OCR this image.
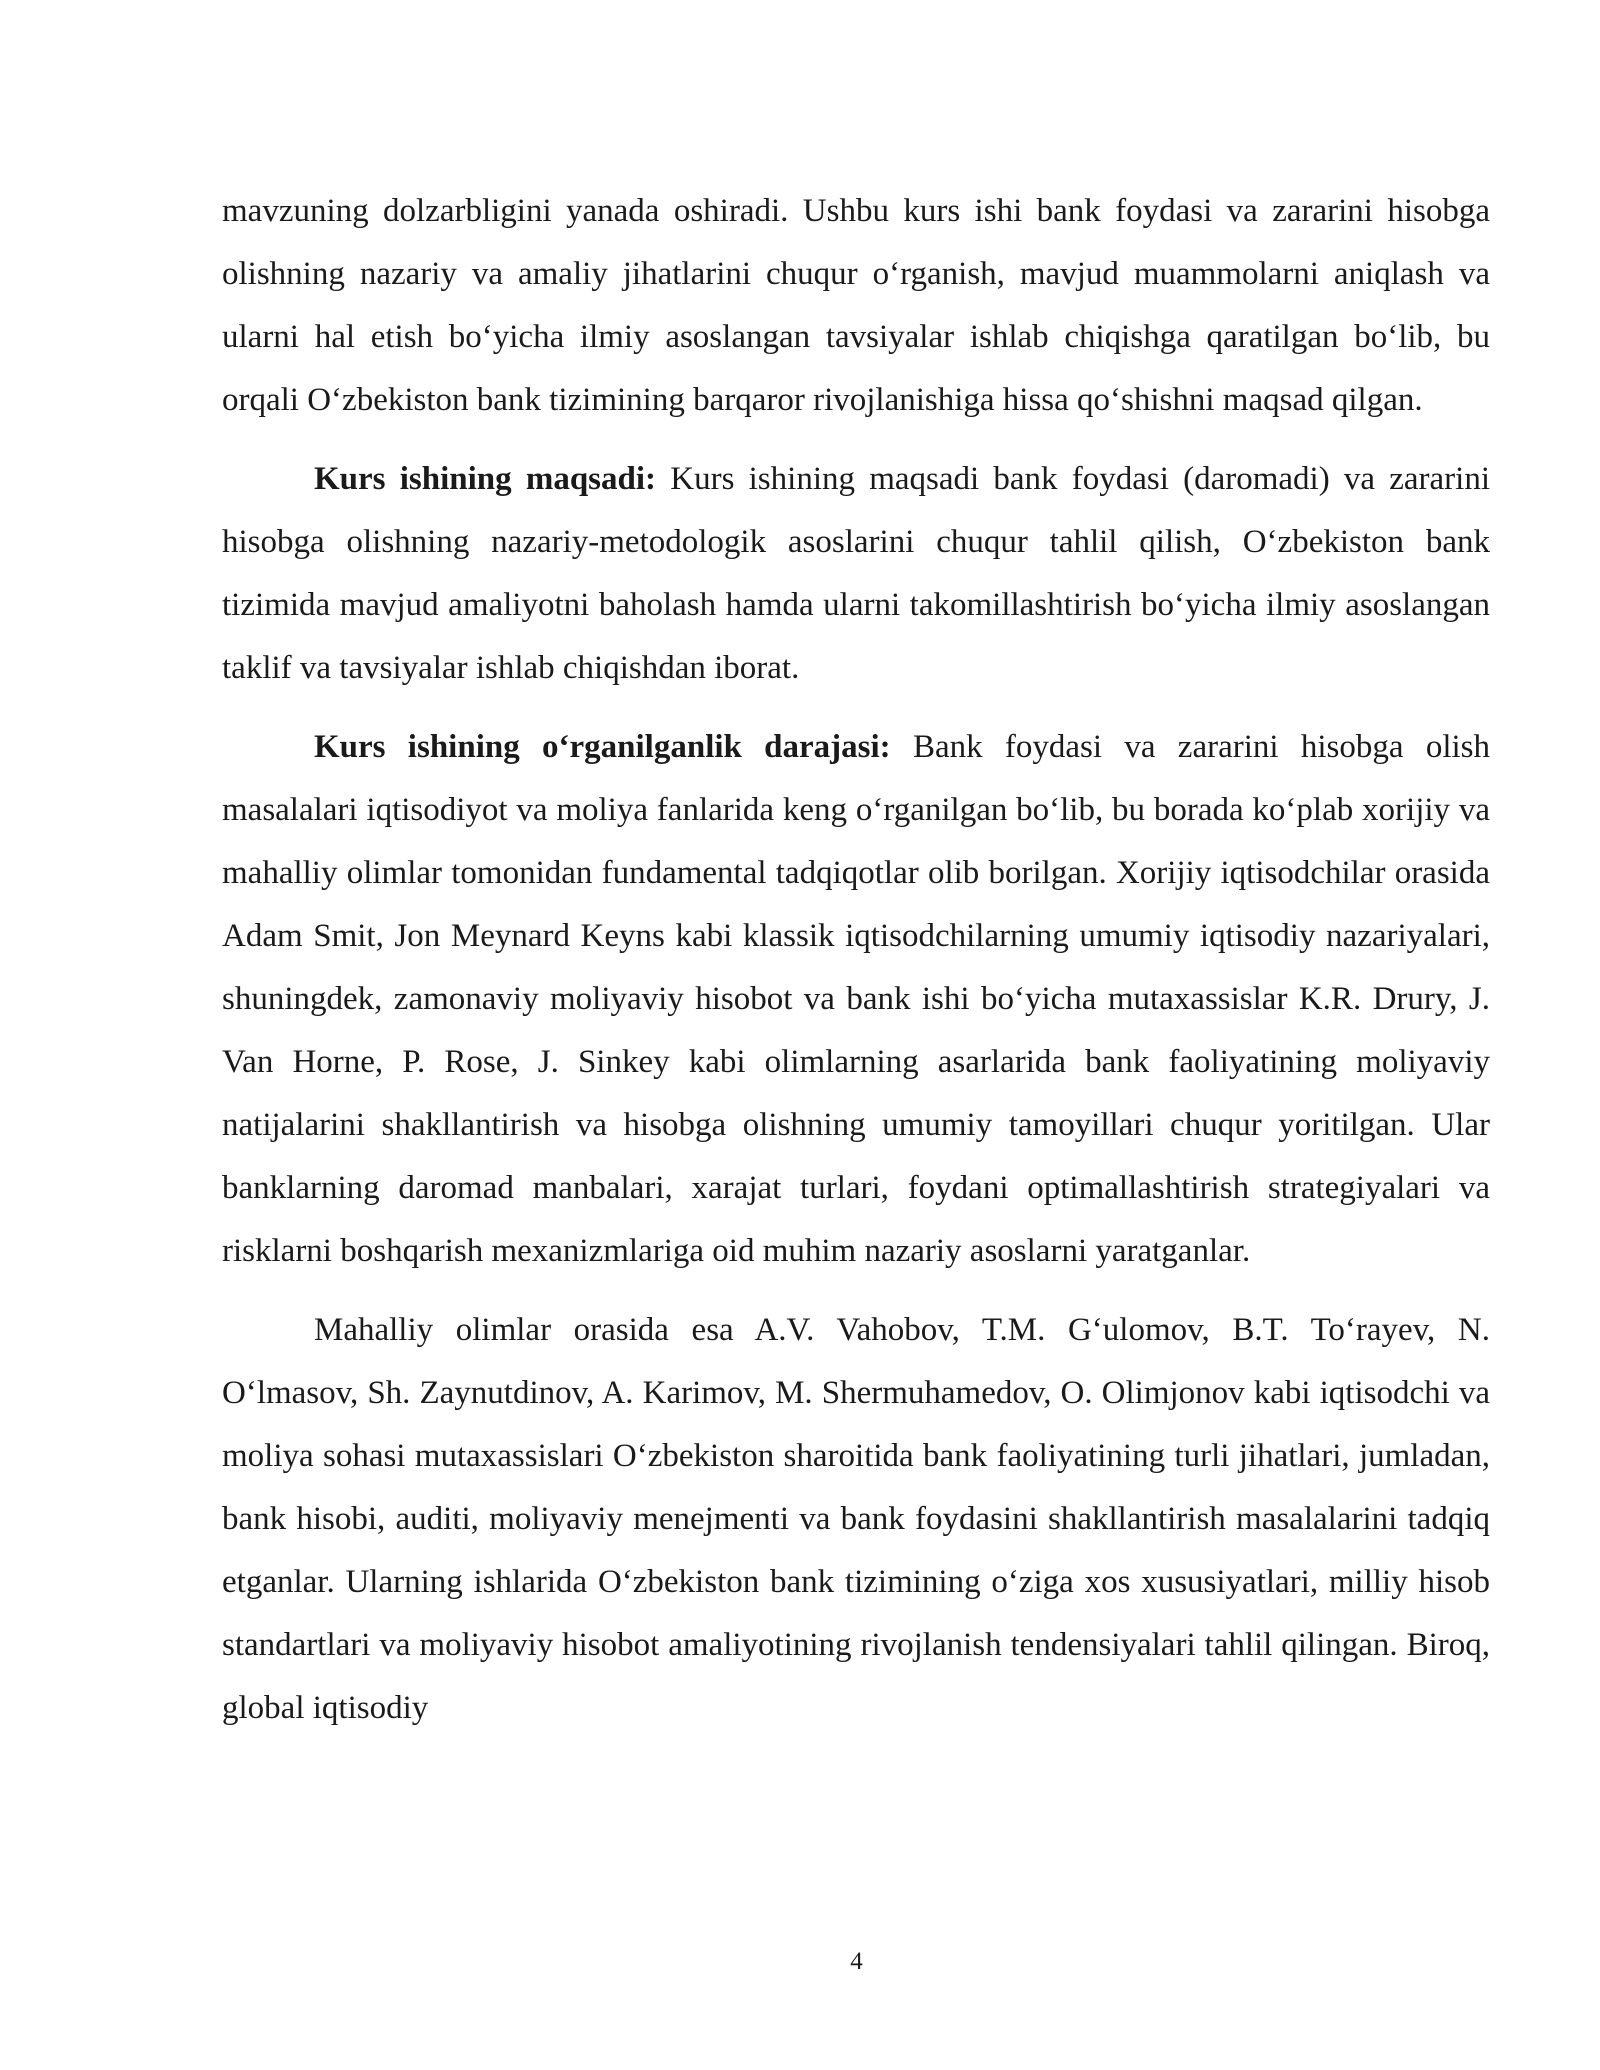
mavzuning dolzarbligini yanada oshiradi. Ushbu kurs ishi bank foydasi va zararini hisobga olishning nazariy va amaliy jihatlarini chuqur o‘rganish, mavjud muammolarni aniqlash va ularni hal etish bo‘yicha ilmiy asoslangan tavsiyalar ishlab chiqishga qaratilgan bo‘lib, bu orqali O‘zbekiston bank tizimining barqaror rivojlanishiga hissa qo‘shishni maqsad qilgan.

Kurs ishining maqsadi: Kurs ishining maqsadi bank foydasi (daromadi) va zararini hisobga olishning nazariy-metodologik asoslarini chuqur tahlil qilish, O‘zbekiston bank tizimida mavjud amaliyotni baholash hamda ularni takomillashtirish bo‘yicha ilmiy asoslangan taklif va tavsiyalar ishlab chiqishdan iborat.

Kurs ishining o‘rganilganlik darajasi: Bank foydasi va zararini hisobga olish masalalari iqtisodiyot va moliya fanlarida keng o‘rganilgan bo‘lib, bu borada ko‘plab xorijiy va mahalliy olimlar tomonidan fundamental tadqiqotlar olib borilgan. Xorijiy iqtisodchilar orasida Adam Smit, Jon Meynard Keyns kabi klassik iqtisodchilarning umumiy iqtisodiy nazariyalari, shuningdek, zamonaviy moliyaviy hisobot va bank ishi bo‘yicha mutaxassislar K.R. Drury, J. Van Horne, P. Rose, J. Sinkey kabi olimlarning asarlarida bank faoliyatining moliyaviy natijalarini shakllantirish va hisobga olishning umumiy tamoyillari chuqur yoritilgan. Ular banklarning daromad manbalari, xarajat turlari, foydani optimallashtirish strategiyalari va risklarni boshqarish mexanizmlariga oid muhim nazariy asoslarni yaratganlar.

Mahalliy olimlar orasida esa A.V. Vahobov, T.M. G‘ulomov, B.T. To‘rayev, N. O‘lmasov, Sh. Zaynutdinov, A. Karimov, M. Shermuhamedov, O. Olimjonov kabi iqtisodchi va moliya sohasi mutaxassislari O‘zbekiston sharoitida bank faoliyatining turli jihatlari, jumladan, bank hisobi, auditi, moliyaviy menejmenti va bank foydasini shakllantirish masalalarini tadqiq etganlar. Ularning ishlarida O‘zbekiston bank tizimining o‘ziga xos xususiyatlari, milliy hisob standartlari va moliyaviy hisobot amaliyotining rivojlanish tendensiyalari tahlil qilingan. Biroq, global iqtisodiy

4
